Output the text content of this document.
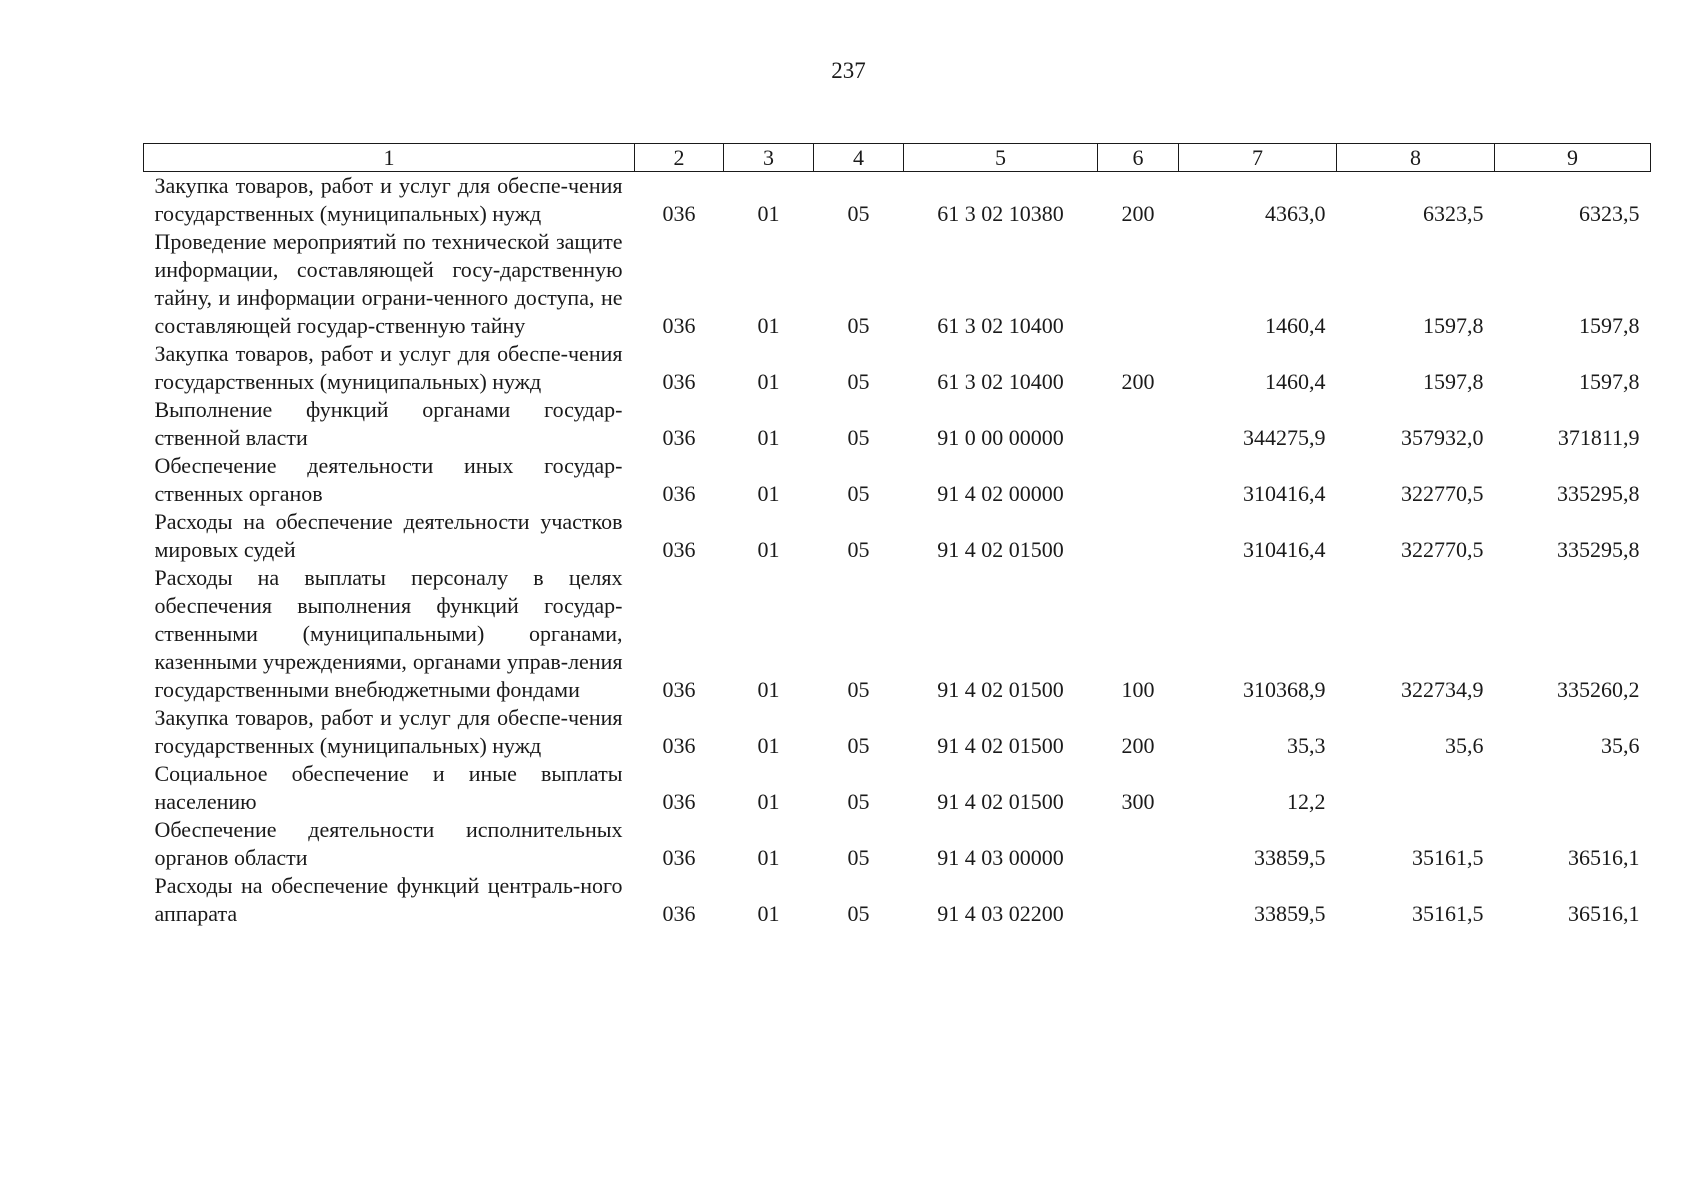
237
1	2	3	4	5	6	7	8	9
Закупка товаров, работ и услуг для обеспе-чения государственных (муниципальных) нужд	036	01	05	61 3 02 10380	200	4363,0	6323,5	6323,5
Проведение мероприятий по технической защите информации, составляющей госу-дарственную тайну, и информации ограни-ченного доступа, не составляющей государ-ственную тайну	036	01	05	61 3 02 10400		1460,4	1597,8	1597,8
Закупка товаров, работ и услуг для обеспе-чения государственных (муниципальных) нужд	036	01	05	61 3 02 10400	200	1460,4	1597,8	1597,8
Выполнение функций органами государ-ственной власти	036	01	05	91 0 00 00000		344275,9	357932,0	371811,9
Обеспечение деятельности иных государ-ственных органов	036	01	05	91 4 02 00000		310416,4	322770,5	335295,8
Расходы на обеспечение деятельности участков мировых судей	036	01	05	91 4 02 01500		310416,4	322770,5	335295,8
Расходы на выплаты персоналу в целях обеспечения выполнения функций государ-ственными (муниципальными) органами, казенными учреждениями, органами управ-ления государственными внебюджетными фондами	036	01	05	91 4 02 01500	100	310368,9	322734,9	335260,2
Закупка товаров, работ и услуг для обеспе-чения государственных (муниципальных) нужд	036	01	05	91 4 02 01500	200	35,3	35,6	35,6
Социальное обеспечение и иные выплаты населению	036	01	05	91 4 02 01500	300	12,2		
Обеспечение деятельности исполнительных органов области	036	01	05	91 4 03 00000		33859,5	35161,5	36516,1
Расходы на обеспечение функций централь-ного аппарата	036	01	05	91 4 03 02200		33859,5	35161,5	36516,1
